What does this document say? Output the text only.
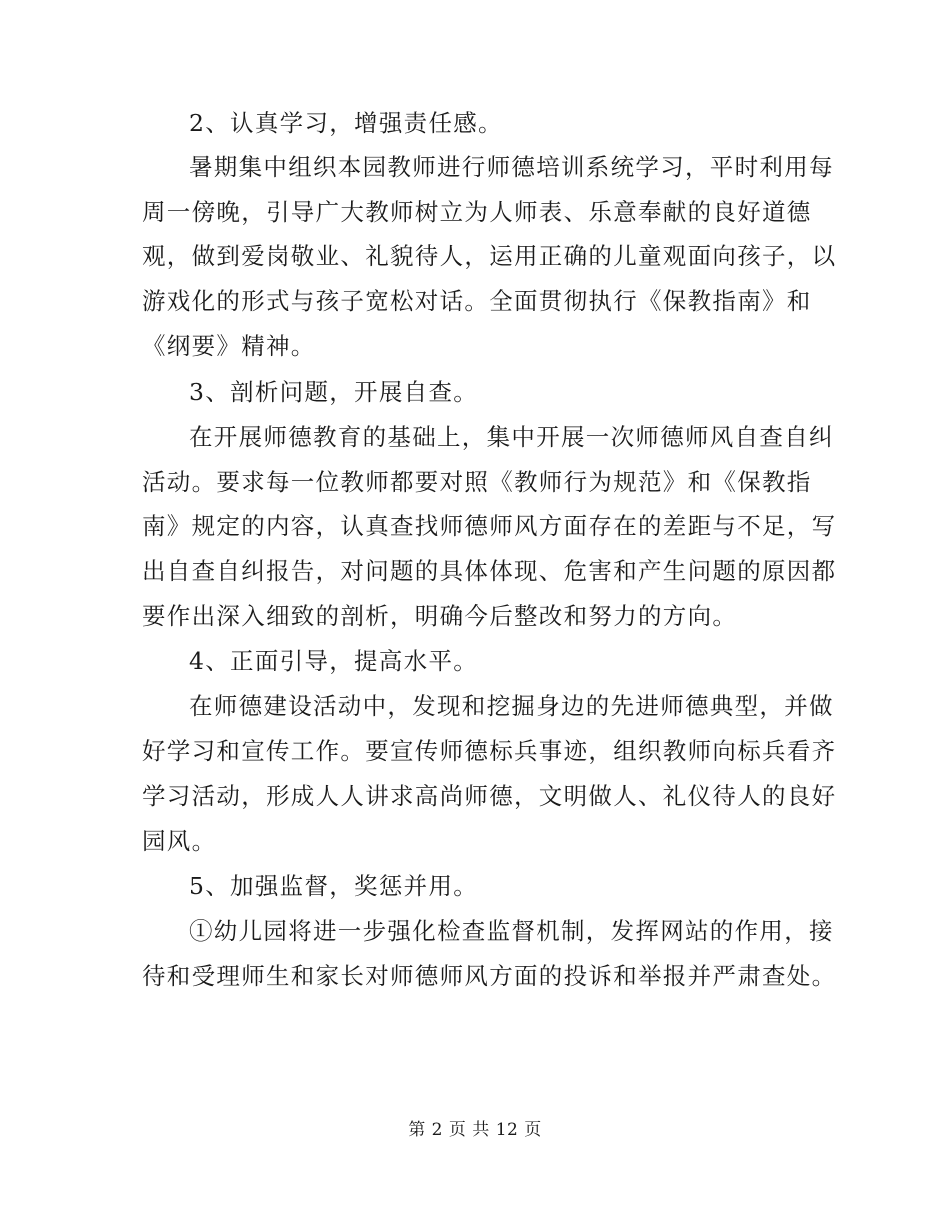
2、认真学习，增强责任感。
暑期集中组织本园教师进行师德培训系统学习，平时利用每
周一傍晚，引导广大教师树立为人师表、乐意奉献的良好道德
观，做到爱岗敬业、礼貌待人，运用正确的儿童观面向孩子，以
游戏化的形式与孩子宽松对话。全面贯彻执行《保教指南》和
《纲要》精神。
3、剖析问题，开展自查。
在开展师德教育的基础上，集中开展一次师德师风自查自纠
活动。要求每一位教师都要对照《教师行为规范》和《保教指
南》规定的内容，认真查找师德师风方面存在的差距与不足，写
出自查自纠报告，对问题的具体体现、危害和产生问题的原因都
要作出深入细致的剖析，明确今后整改和努力的方向。
4、正面引导，提高水平。
在师德建设活动中，发现和挖掘身边的先进师德典型，并做
好学习和宣传工作。要宣传师德标兵事迹，组织教师向标兵看齐
学习活动，形成人人讲求高尚师德，文明做人、礼仪待人的良好
园风。
5、加强监督，奖惩并用。
①幼儿园将进一步强化检查监督机制，发挥网站的作用，接
待和受理师生和家长对师德师风方面的投诉和举报并严肃查处。
第 2 页 共 12 页
